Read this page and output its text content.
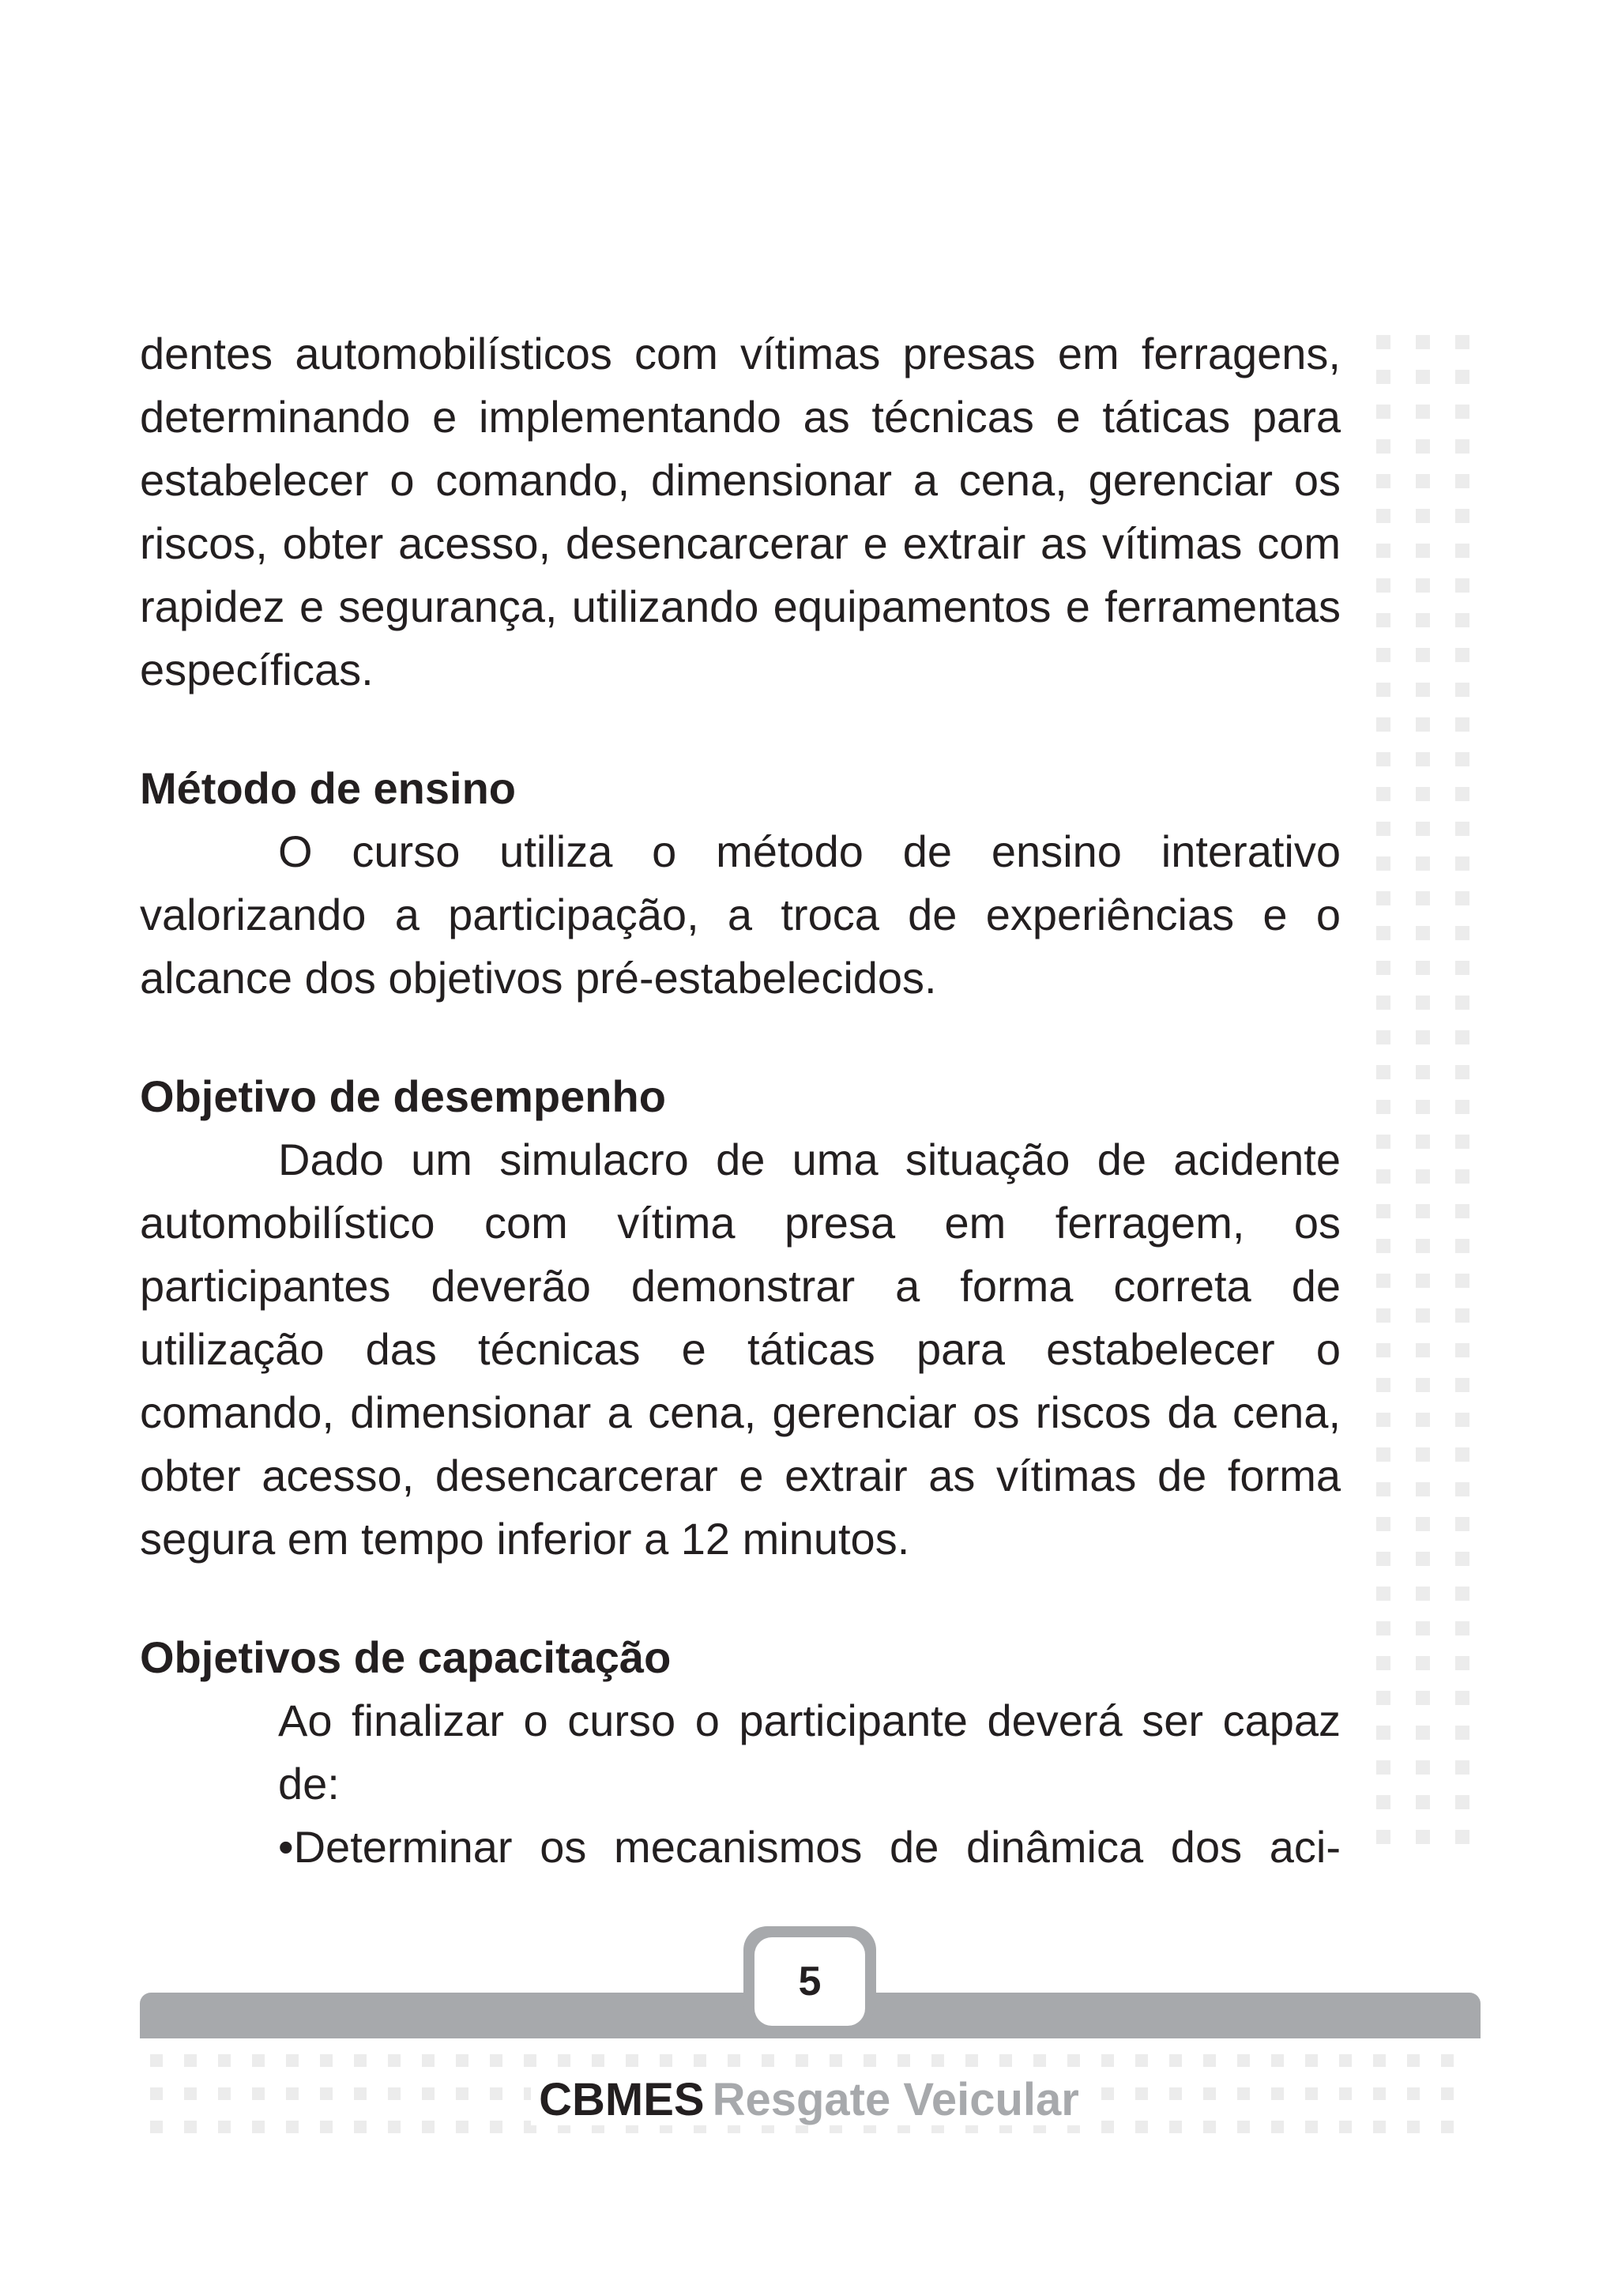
dentes automobilísticos com vítimas presas em ferragens, determinando e implementando as técnicas e táticas para estabelecer o comando, dimensionar a cena, gerenciar os riscos, obter acesso, desencarcerar e extrair as vítimas com rapidez e segurança, utilizando equipamentos e ferramentas específicas.

Método de ensino

O curso utiliza o método de ensino interativo valorizando a participação, a troca de experiências e o alcance dos objetivos pré-estabelecidos.

Objetivo de desempenho

Dado um simulacro de uma situação de acidente automobilístico com vítima presa em ferragem, os participantes deverão demonstrar a forma correta de utilização das técnicas e táticas para estabelecer o comando, dimensionar a cena, gerenciar os riscos da cena, obter acesso, desencarcerar e extrair as vítimas de forma segura em tempo inferior a 12 minutos.

Objetivos de capacitação

Ao finalizar o curso o participante deverá ser capaz de:

•Determinar os mecanismos de dinâmica dos aci-

5
CBMES Resgate Veicular
